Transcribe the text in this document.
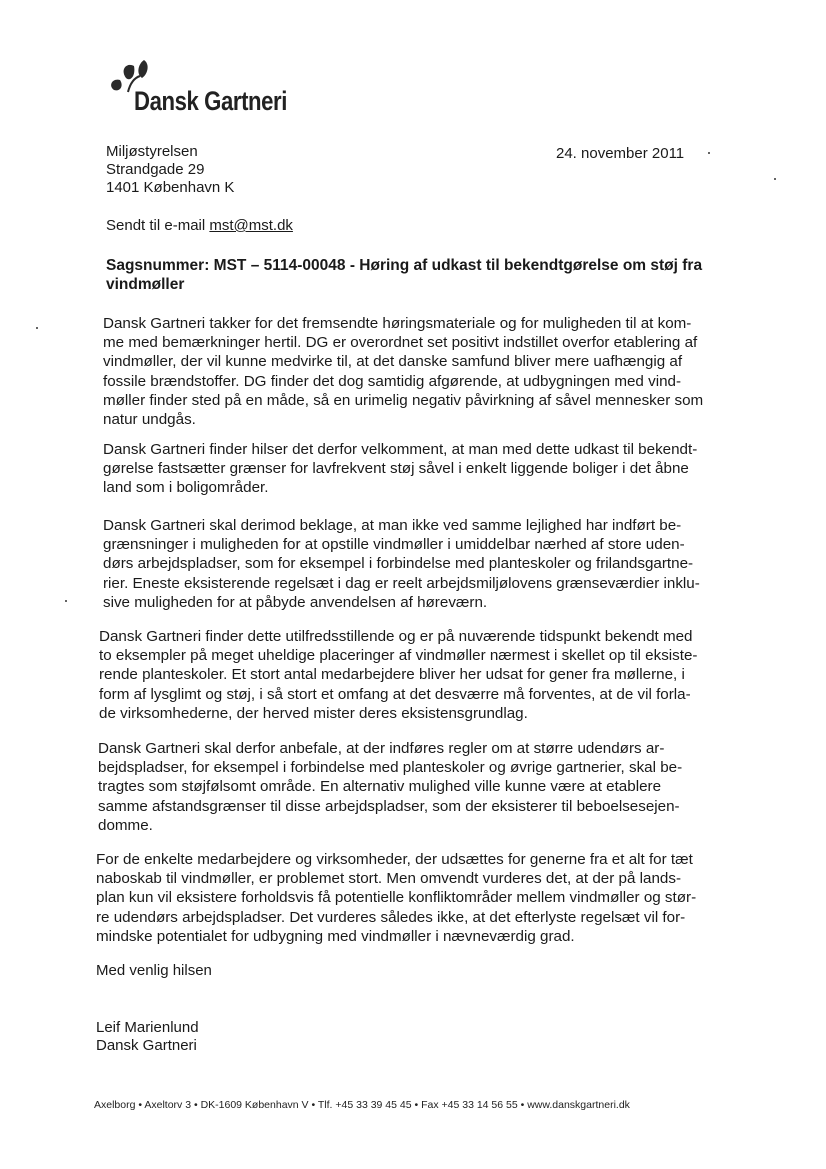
Dansk Gartneri
Miljøstyrelsen
Strandgade 29
1401 København K
24. november 2011
Sendt til e-mail mst@mst.dk
Sagsnummer: MST – 5114-00048 - Høring af udkast til bekendtgørelse om støj fra vindmøller
Dansk Gartneri takker for det fremsendte høringsmateriale og for muligheden til at kom-
me med bemærkninger hertil. DG er overordnet set positivt indstillet overfor etablering af
vindmøller, der vil kunne medvirke til, at det danske samfund bliver mere uafhængig af
fossile brændstoffer. DG finder det dog samtidig afgørende, at udbygningen med vind-
møller finder sted på en måde, så en urimelig negativ påvirkning af såvel mennesker som
natur undgås.
Dansk Gartneri finder hilser det derfor velkomment, at man med dette udkast til bekendt-
gørelse fastsætter grænser for lavfrekvent støj såvel i enkelt liggende boliger i det åbne
land som i boligområder.
Dansk Gartneri skal derimod beklage, at man ikke ved samme lejlighed har indført be-
grænsninger i muligheden for at opstille vindmøller i umiddelbar nærhed af store uden-
dørs arbejdspladser, som for eksempel i forbindelse med planteskoler og frilandsgartne-
rier. Eneste eksisterende regelsæt i dag er reelt arbejdsmiljølovens grænseværdier inklu-
sive muligheden for at påbyde anvendelsen af høreværn.
Dansk Gartneri finder dette utilfredsstillende og er på nuværende tidspunkt bekendt med
to eksempler på meget uheldige placeringer af vindmøller nærmest i skellet op til eksiste-
rende planteskoler. Et stort antal medarbejdere bliver her udsat for gener fra møllerne, i
form af lysglimt og støj, i så stort et omfang at det desværre må forventes, at de vil forla-
de virksomhederne, der herved mister deres eksistensgrundlag.
Dansk Gartneri skal derfor anbefale, at der indføres regler om at større udendørs ar-
bejdspladser, for eksempel i forbindelse med planteskoler og øvrige gartnerier, skal be-
tragtes som støjfølsomt område. En alternativ mulighed ville kunne være at etablere
samme afstandsgrænser til disse arbejdspladser, som der eksisterer til beboelsesejen-
domme.
For de enkelte medarbejdere og virksomheder, der udsættes for generne fra et alt for tæt
naboskab til vindmøller, er problemet stort. Men omvendt vurderes det, at der på lands-
plan kun vil eksistere forholdsvis få potentielle konfliktområder mellem vindmøller og stør-
re udendørs arbejdspladser. Det vurderes således ikke, at det efterlyste regelsæt vil for-
mindske potentialet for udbygning med vindmøller i nævneværdig grad.
Med venlig hilsen
Leif Marienlund
Dansk Gartneri
Axelborg • Axeltorv 3 • DK-1609 København V • Tlf. +45 33 39 45 45 • Fax +45 33 14 56 55 • www.danskgartneri.dk
